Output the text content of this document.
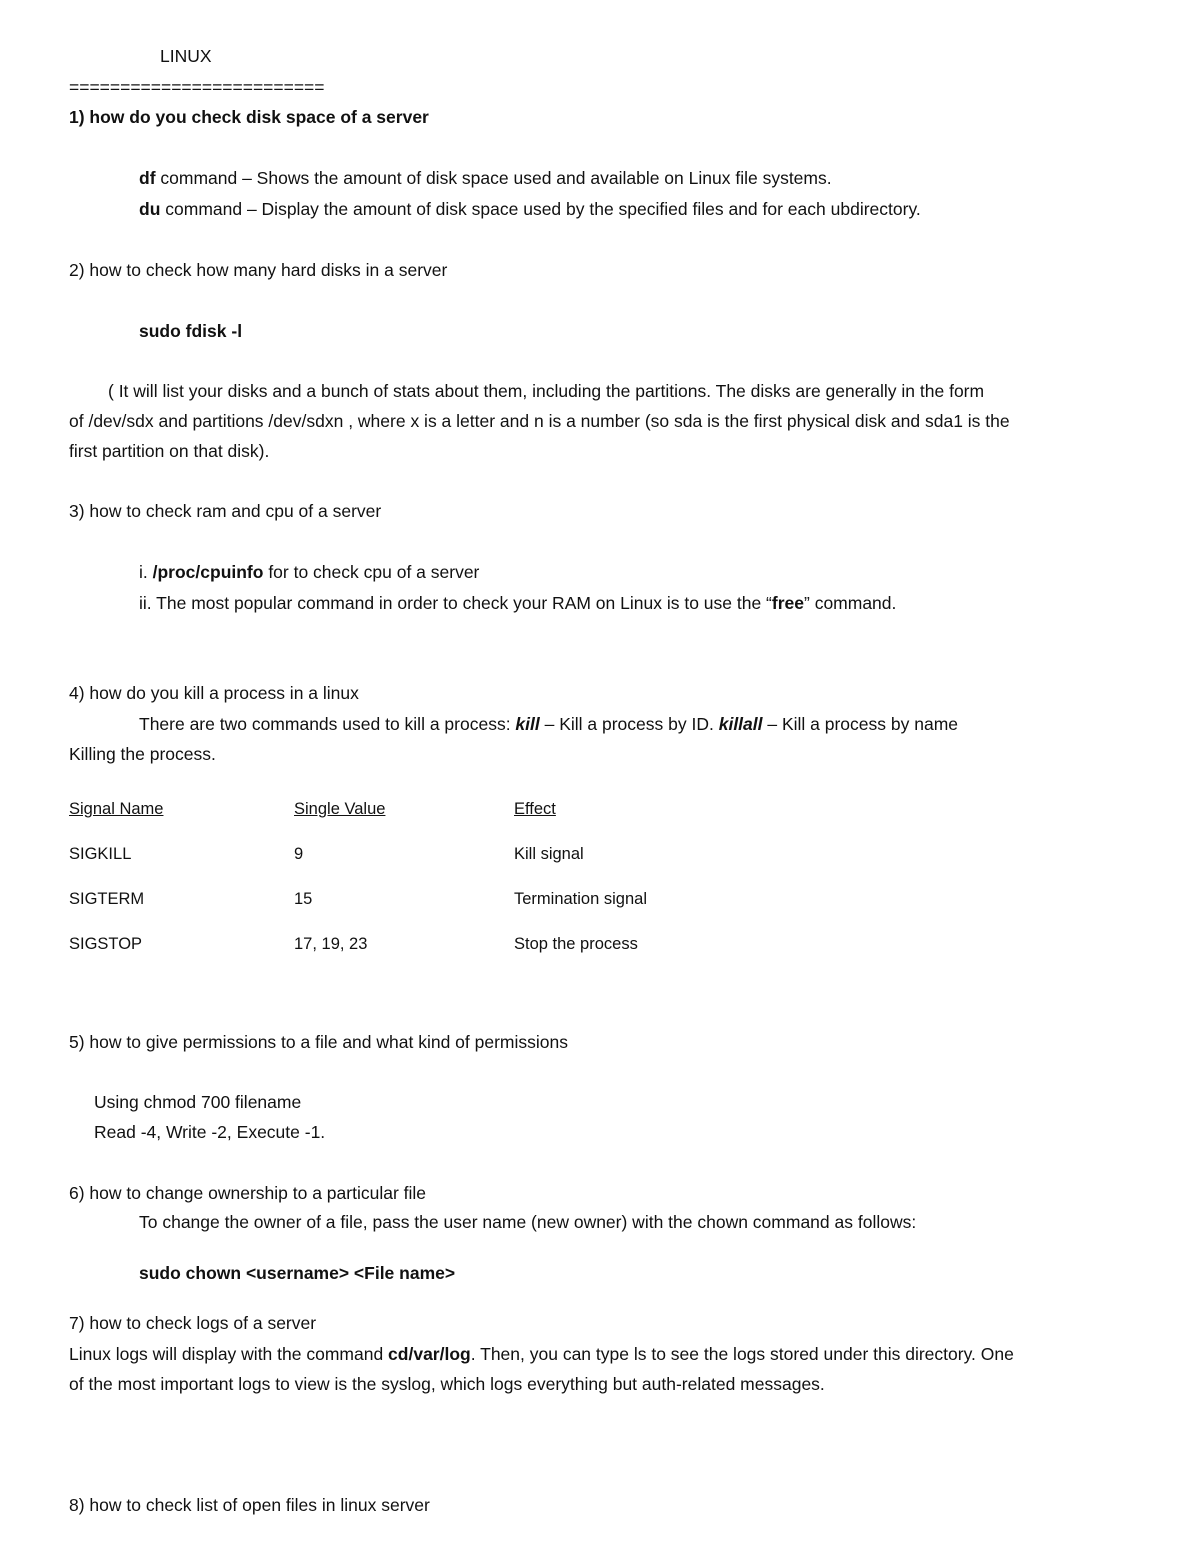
LINUX
=========================
1) how do you check disk space of a server
df command – Shows the amount of disk space used and available on Linux file systems.
du command – Display the amount of disk space used by the specified files and for each ubdirectory.
2) how to check how many hard disks in a server
sudo fdisk -l
( It will list your disks and a bunch of stats about them, including the partitions. The disks are generally in the form
of /dev/sdx and partitions /dev/sdxn , where x is a letter and n is a number (so sda is the first physical disk and sda1 is the
first partition on that disk).
3) how to check ram and cpu of a server
i. /proc/cpuinfo for to check cpu of a server
ii. The most popular command in order to check your RAM on Linux is to use the “free” command.
4) how do you kill a process in a linux
There are two commands used to kill a process: kill – Kill a process by ID. killall – Kill a process by name
Killing the process.
Signal Name	Single Value	Effect
SIGKILL	9	Kill signal
SIGTERM	15	Termination signal
SIGSTOP	17, 19, 23	Stop the process
5) how to give permissions to a file and what kind of permissions
Using chmod 700 filename
Read -4, Write -2, Execute -1.
6) how to change ownership to a particular file
To change the owner of a file, pass the user name (new owner) with the chown command as follows:
sudo chown <username> <File name>
7) how to check logs of a server
Linux logs will display with the command cd/var/log. Then, you can type ls to see the logs stored under this directory. One
of the most important logs to view is the syslog, which logs everything but auth-related messages.
8) how to check list of open files in linux server
